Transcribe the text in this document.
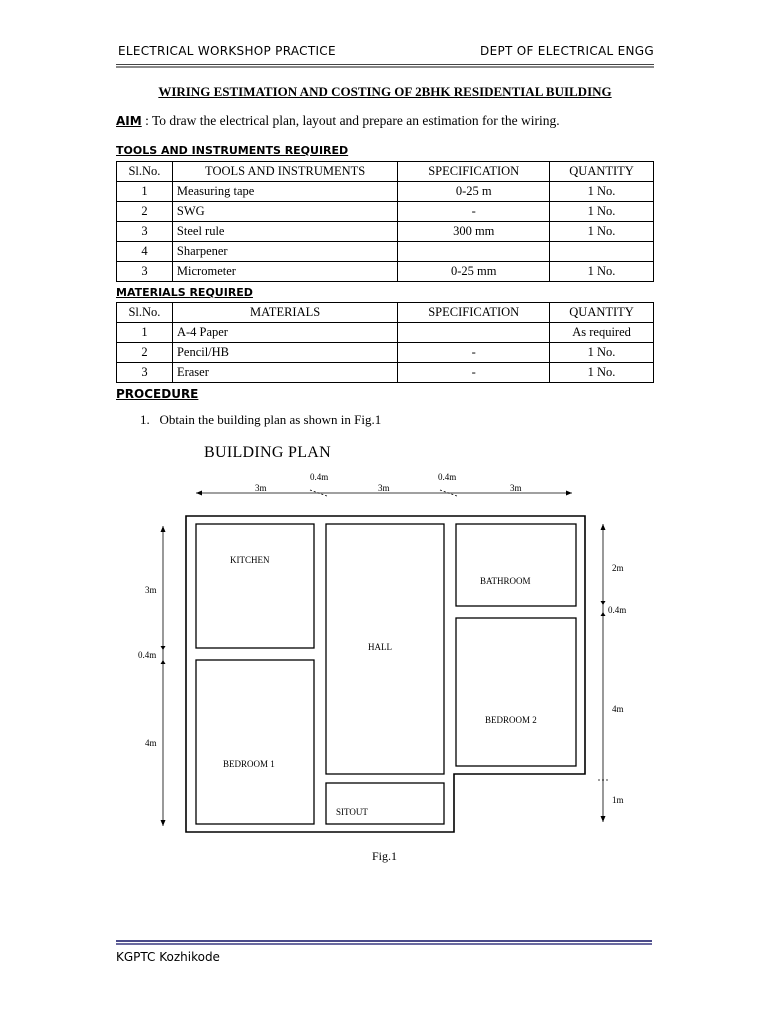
ELECTRICAL WORKSHOP PRACTICE	DEPT OF ELECTRICAL ENGG
WIRING ESTIMATION AND COSTING OF 2BHK RESIDENTIAL BUILDING
AIM : To draw the electrical plan, layout and prepare an estimation for the wiring.
TOOLS AND INSTRUMENTS REQUIRED
Sl.No.	TOOLS AND INSTRUMENTS	SPECIFICATION	QUANTITY
1	Measuring tape	0-25 m	1 No.
2	SWG	-	1 No.
3	Steel rule	300 mm	1 No.
4	Sharpener		
3	Micrometer	0-25 mm	1 No.
MATERIALS REQUIRED
Sl.No.	MATERIALS	SPECIFICATION	QUANTITY
1	A-4 Paper		As required
2	Pencil/HB	-	1 No.
3	Eraser	-	1 No.
PROCEDURE
1.   Obtain the building plan as shown in Fig.1
BUILDING PLAN
3m	3m	3m
0.4m	0.4m
3m
0.4m
4m
2m
0.4m
4m
1m
KITCHEN
BEDROOM 1
HALL
SITOUT
BATHROOM
BEDROOM 2
Fig.1
KGPTC Kozhikode
